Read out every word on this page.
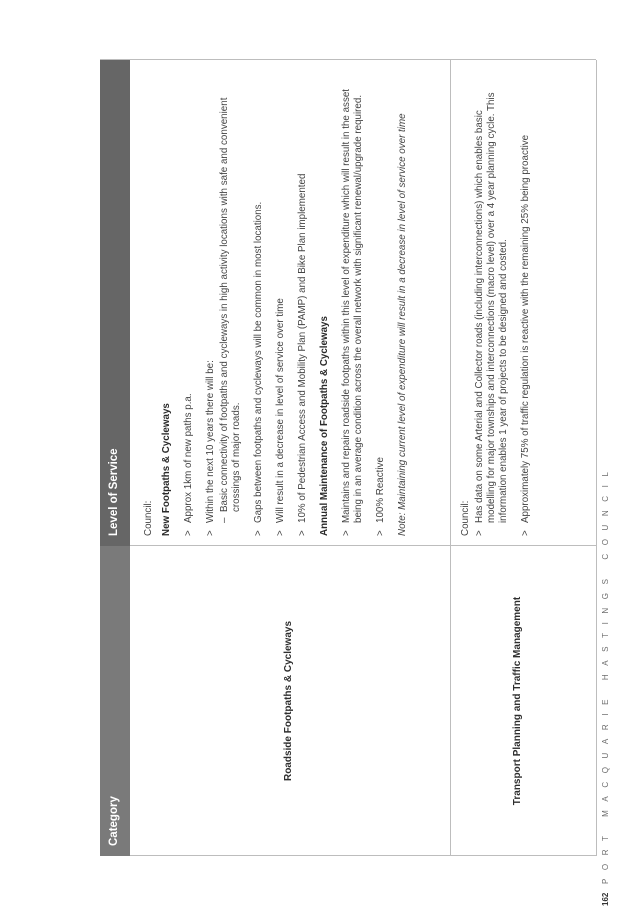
Category
Level of Service
Roadside Footpaths & Cycleways

Council: New Footpaths & Cycleways >
Approx 1km of new paths p.a.
>
Within the next 10 years there will be: –
Basic connectivity of footpaths and cycleways in high activity locations with safe and convenient crossings of major roads.
>
Gaps between footpaths and cycleways will be common in most locations.
>
Will result in a decrease in level of service over time
>
10% of Pedestrian Access and Mobility Plan (PAMP) and Bike Plan implemented Annual Maintenance of Footpaths & Cycleways >
Maintains and repairs roadside footpaths within this level of expenditure which will result in the asset being in an average condition across the overall network with significant renewal/upgrade required.
>
100% Reactive Note: Maintaining current level of expenditure will result in a decrease in level of service over time

Transport Planning and Traffic Management

Council: >
Has data on some Arterial and Collector roads (including interconnections) which enables basic modelling for major townships and interconnections (macro level) over a 4 year planning cycle. This information enables 1 year of projects to be designed and costed.
>
Approximately 75% of traffic regulation is reactive with the remaining 25% being proactive
162
PORT MACQUARIE HASTINGS COUNCIL
